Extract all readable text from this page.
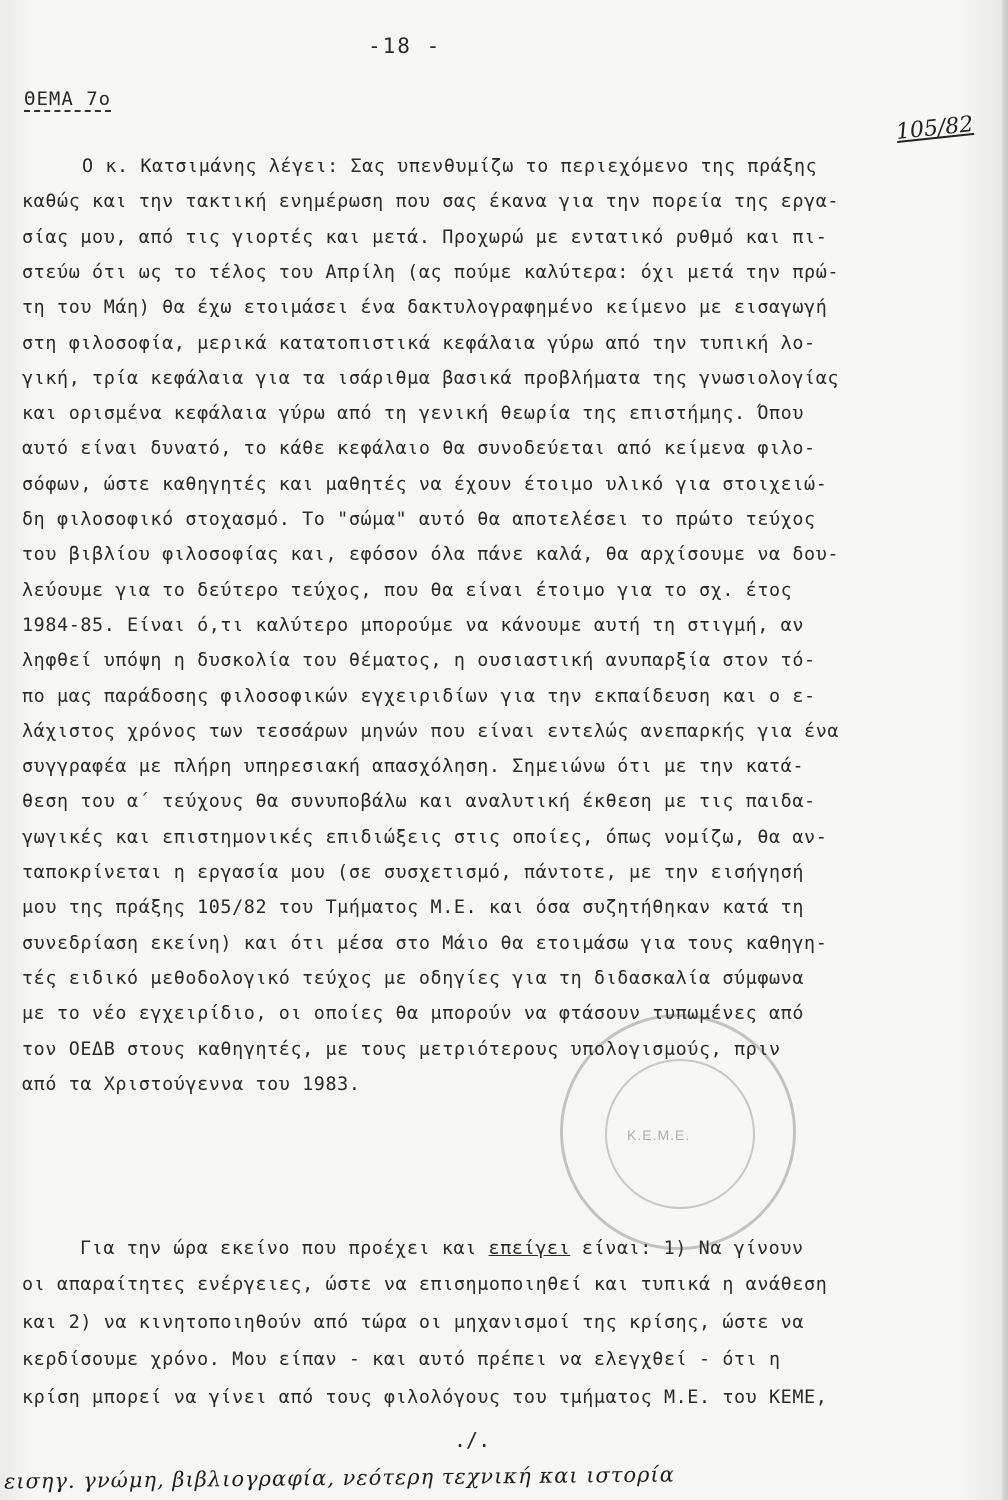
-18 -
ΘΕΜΑ 7ο
105/82
O κ. Κατσιμάνης λέγει: Σας υπενθυμίζω το περιεχόμενο της πράξης
καθώς και την τακτική ενημέρωση που σας έκανα για την πορεία της εργα-
σίας μου, από τις γιορτές και μετά. Προχωρώ με εντατικό ρυθμό και πι-
στεύω ότι ως το τέλος του Απρίλη (ας πούμε καλύτερα: όχι μετά την πρώ-
τη του Μάη) θα έχω ετοιμάσει ένα δακτυλογραφημένο κείμενο με εισαγωγή
στη φιλοσοφία, μερικά κατατοπιστικά κεφάλαια γύρω από την τυπική λο-
γική, τρία κεφάλαια για τα ισάριθμα βασικά προβλήματα της γνωσιολογίας
και ορισμένα κεφάλαια γύρω από τη γενική θεωρία της επιστήμης. Όπου
αυτό είναι δυνατό, το κάθε κεφάλαιο θα συνοδεύεται από κείμενα φιλο-
σόφων, ώστε καθηγητές και μαθητές να έχουν έτοιμο υλικό για στοιχειώ-
δη φιλοσοφικό στοχασμό. Το "σώμα" αυτό θα αποτελέσει το πρώτο τεύχος
του βιβλίου φιλοσοφίας και, εφόσον όλα πάνε καλά, θα αρχίσουμε να δου-
λεύουμε για το δεύτερο τεύχος, που θα είναι έτοιμο για το σχ. έτος
1984-85. Είναι ό,τι καλύτερο μπορούμε να κάνουμε αυτή τη στιγμή, αν
ληφθεί υπόψη η δυσκολία του θέματος, η ουσιαστική ανυπαρξία στον τό-
πο μας παράδοσης φιλοσοφικών εγχειριδίων για την εκπαίδευση και ο ε-
λάχιστος χρόνος των τεσσάρων μηνών που είναι εντελώς ανεπαρκής για ένα
συγγραφέα με πλήρη υπηρεσιακή απασχόληση. Σημειώνω ότι με την κατά-
θεση του α΄ τεύχους θα συνυποβάλω και αναλυτική έκθεση με τις παιδα-
γωγικές και επιστημονικές επιδιώξεις στις οποίες, όπως νομίζω, θα αν-
ταποκρίνεται η εργασία μου (σε συσχετισμό, πάντοτε, με την εισήγησή
μου της πράξης 105/82 του Τμήματος Μ.Ε. και όσα συζητήθηκαν κατά τη
συνεδρίαση εκείνη) και ότι μέσα στο Μάιο θα ετοιμάσω για τους καθηγη-
τές ειδικό μεθοδολογικό τεύχος με οδηγίες για τη διδασκαλία σύμφωνα
με το νέο εγχειρίδιο, οι οποίες θα μπορούν να φτάσουν τυπωμένες από
τον ΟΕΔΒ στους καθηγητές, με τους μετριότερους υπολογισμούς, πριν
από τα Χριστούγεννα του 1983.
Για την ώρα εκείνο που προέχει και επείγει είναι: 1) Να γίνουν
οι απαραίτητες ενέργειες, ώστε να επισημοποιηθεί και τυπικά η ανάθεση
και 2) να κινητοποιηθούν από τώρα οι μηχανισμοί της κρίσης, ώστε να
κερδίσουμε χρόνο. Μου είπαν - και αυτό πρέπει να ελεγχθεί - ότι η
κρίση μπορεί να γίνει από τους φιλολόγους του τμήματος Μ.Ε. του ΚΕΜΕ,
Κ.Ε.Μ.Ε.
./.
εισηγ. γνώμη, βιβλιογραφία, νεότερη τεχνική και ιστορία
